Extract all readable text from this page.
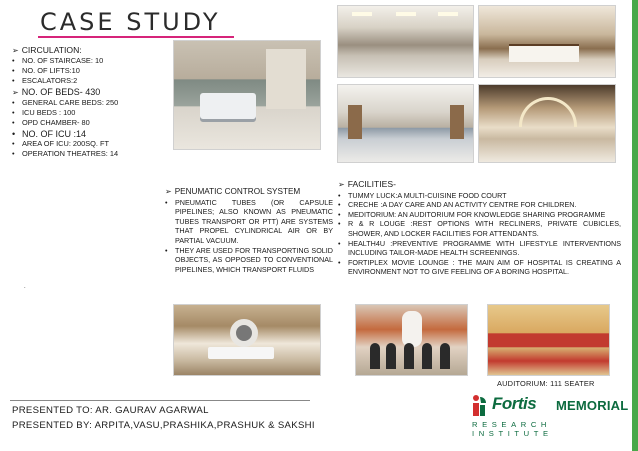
CASE STUDY
➢ CIRCULATION:
• NO. OF STAIRCASE: 10
• NO. OF LIFTS:10
• ESCALATORS:2
➢ NO. OF BEDS- 430
• GENERAL CARE BEDS: 250
• ICU BEDS : 100
• OPD CHAMBER- 80
• NO. OF ICU :14
• AREA OF ICU: 200SQ. FT
• OPERATION THEATRES: 14
.
➢ PENUMATIC CONTROL SYSTEM
• PNEUMATIC TUBES (OR CAPSULE PIPELINES; ALSO KNOWN AS PNEUMATIC TUBES TRANSPORT OR PTT) ARE SYSTEMS THAT PROPEL CYLINDRICAL AIR OR BY PARTIAL VACUUM.
• THEY ARE USED FOR TRANSPORTING SOLID OBJECTS, AS OPPOSED TO CONVENTIONAL PIPELINES, WHICH TRANSPORT FLUIDS
➢ FACILITIES-
• TUMMY LUCK:A MULTI-CUISINE FOOD COURT
• CRECHE :A DAY CARE AND AN ACTIVITY CENTRE FOR CHILDREN.
• MEDITORIUM: AN AUDITORIUM FOR KNOWLEDGE SHARING PROGRAMME
• R & R LOUGE :REST OPTIONS WITH RECLINERS, PRIVATE CUBICLES, SHOWER, AND LOCKER FACILITIES FOR ATTENDANTS.
• HEALTH4U :PREVENTIVE PROGRAMME WITH LIFESTYLE INTERVENTIONS INCLUDING TAILOR-MADE HEALTH SCREENINGS.
• FORTIPLEX MOVIE LOUNGE : THE MAIN AIM OF HOSPITAL IS CREATING A ENVIRONMENT NOT TO GIVE FEELING OF A BORING HOSPITAL.
AUDITORIUM: 111 SEATER
PRESENTED TO: AR. GAURAV AGARWAL
PRESENTED BY: ARPITA,VASU,PRASHIKA,PRASHUK & SAKSHI
Fortis MEMORIAL
RESEARCH INSTITUTE
